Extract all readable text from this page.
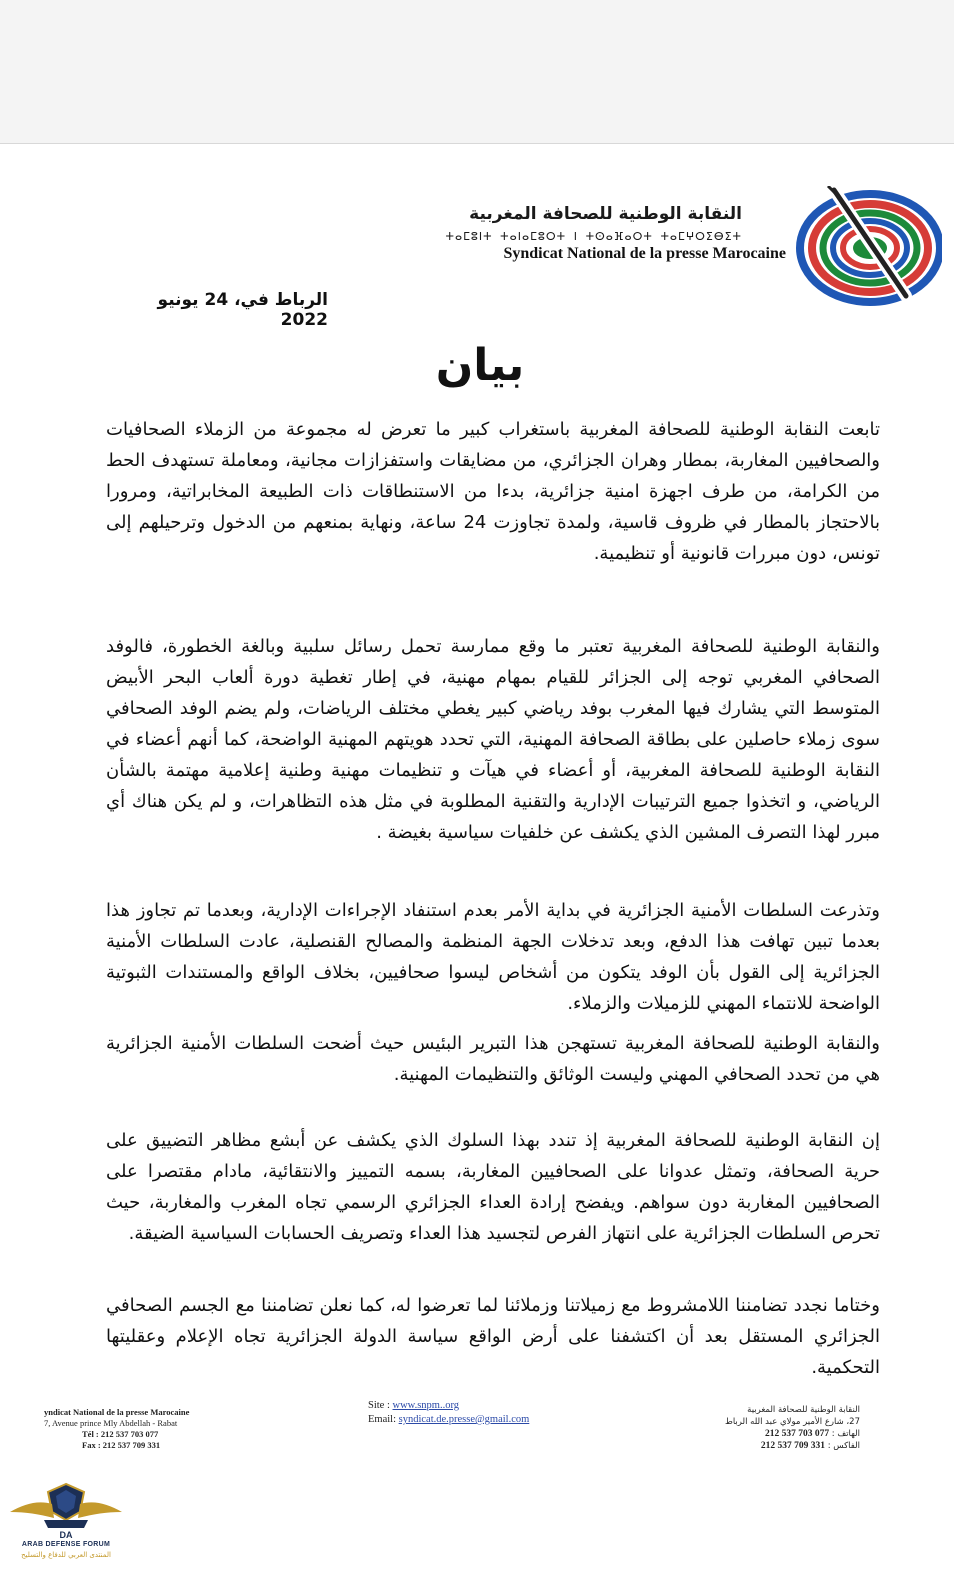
النقابة الوطنية للصحافة المغربية
ⵜⴰⵎⵓⵏⵜ ⵜⴰⵏⴰⵎⵓⵔⵜ ⵏ ⵜⵙⴰⴼⴰⵔⵜ ⵜⴰⵎⵖⵔⵉⴱⵉⵜ
Syndicat National de la presse Marocaine
الرباط في، 24 يونيو 2022
بيان

تابعت النقابة الوطنية للصحافة المغربية باستغراب كبير ما تعرض له مجموعة من الزملاء الصحافيات والصحافيين المغاربة، بمطار وهران الجزائري، من مضايقات واستفزازات مجانية، ومعاملة تستهدف الحط من الكرامة، من طرف اجهزة امنية جزائرية، بدءا من الاستنطاقات ذات الطبيعة المخابراتية، ومرورا بالاحتجاز بالمطار في ظروف قاسية، ولمدة تجاوزت 24 ساعة، ونهاية بمنعهم من الدخول وترحيلهم إلى تونس، دون مبررات قانونية أو تنظيمية.

والنقابة الوطنية للصحافة المغربية تعتبر ما وقع ممارسة تحمل رسائل سلبية وبالغة الخطورة، فالوفد الصحافي المغربي توجه إلى الجزائر للقيام بمهام مهنية، في إطار تغطية دورة ألعاب البحر الأبيض المتوسط التي يشارك فيها المغرب بوفد رياضي كبير يغطي مختلف الرياضات، ولم يضم الوفد الصحافي سوى زملاء حاصلين على بطاقة الصحافة المهنية، التي تحدد هويتهم المهنية الواضحة، كما أنهم أعضاء في النقابة الوطنية للصحافة المغربية، أو أعضاء في هيآت و تنظيمات مهنية وطنية إعلامية مهتمة بالشأن الرياضي، و اتخذوا جميع الترتيبات الإدارية والتقنية المطلوبة في مثل هذه التظاهرات، و لم يكن هناك أي مبرر لهذا التصرف المشين الذي يكشف عن خلفيات سياسية بغيضة .

وتذرعت السلطات الأمنية الجزائرية في بداية الأمر بعدم استنفاد الإجراءات الإدارية، وبعدما تم تجاوز هذا بعدما تبين تهافت هذا الدفع، وبعد تدخلات الجهة المنظمة والمصالح القنصلية، عادت السلطات الأمنية الجزائرية إلى القول بأن الوفد يتكون من أشخاص ليسوا صحافيين، بخلاف الواقع والمستندات الثبوتية الواضحة للانتماء المهني للزميلات والزملاء.

والنقابة الوطنية للصحافة المغربية تستهجن هذا التبرير البئيس حيث أضحت السلطات الأمنية الجزائرية هي من تحدد الصحافي المهني وليست الوثائق والتنظيمات المهنية.

إن النقابة الوطنية للصحافة المغربية إذ تندد بهذا السلوك الذي يكشف عن أبشع مظاهر التضييق على حرية الصحافة، وتمثل عدوانا على الصحافيين المغاربة، بسمه التمييز والانتقائية، مادام مقتصرا على الصحافيين المغاربة دون سواهم. ويفضح إرادة العداء الجزائري الرسمي تجاه المغرب والمغاربة، حيث تحرص السلطات الجزائرية على انتهاز الفرص لتجسيد هذا العداء وتصريف الحسابات السياسية الضيقة.

وختاما نجدد تضامننا اللامشروط مع زميلاتنا وزملائنا لما تعرضوا له، كما نعلن تضامننا مع الجسم الصحافي الجزائري المستقل بعد أن اكتشفنا على أرض الواقع سياسة الدولة الجزائرية تجاه الإعلام وعقليتها التحكمية.

yndicat National de la presse Marocaine
7, Avenue prince Mly Abdellah - Rabat
Tél : 212 537 703 077
Fax : 212 537 709 331
Site : www.snpm..org
Email: syndicat.de.presse@gmail.com
النقابة الوطنية للصحافة المغربية
27، شارع الأمير مولاي عبد الله الرباط
الهاتف : 212 537 703 077
الفاكس : 212 537 709 331
DA
ARAB DEFENSE FORUM
المنتدى العربي للدفاع والتسليح
